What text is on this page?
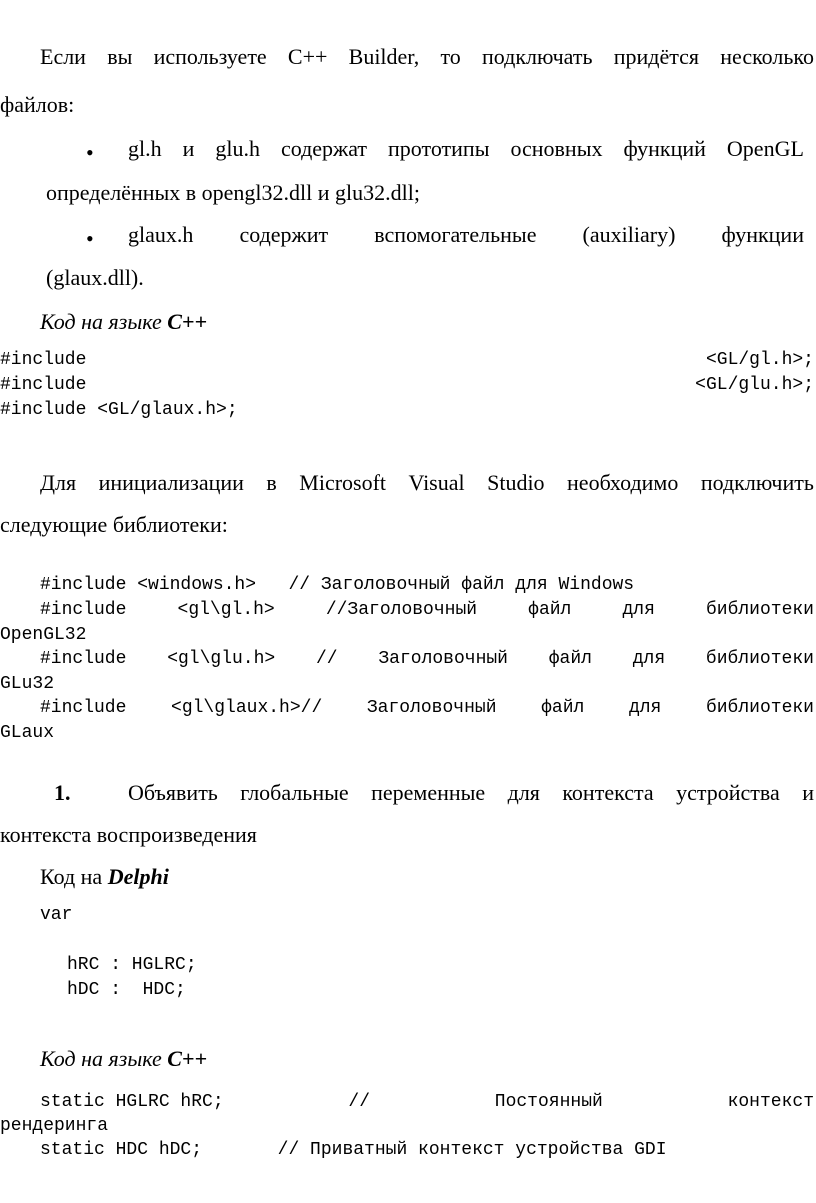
Если вы используете C++ Builder, то подключать придётся несколько
файлов:
• gl.h и glu.h содержат прототипы основных функций OpenGL
определённых в opengl32.dll и glu32.dll;
• glaux.h содержит вспомогательные (auxiliary) функции
(glaux.dll).
Код на языке C++
#include	<GL/gl.h>;
#include	<GL/glu.h>;
#include <GL/glaux.h>;
Для инициализации в Microsoft Visual Studio необходимо подключить
следующие библиотеки:
#include <windows.h>   // Заголовочный файл для Windows
#include	<gl\gl.h>	//Заголовочный	файл	для	библиотеки
OpenGL32
#include <gl\glu.h> // Заголовочный файл для библиотеки
GLu32
#include <gl\glaux.h>// Заголовочный файл для библиотеки
GLaux
1.	Объявить глобальные переменные для контекста устройства и
контекста воспроизведения
Код на Delphi
var
hRC : HGLRC;
hDC :  HDC;
Код на языке C++
static HGLRC hRC;	//	Постоянный	контекст
рендеринга
static HDC hDC;       // Приватный контекст устройства GDI
